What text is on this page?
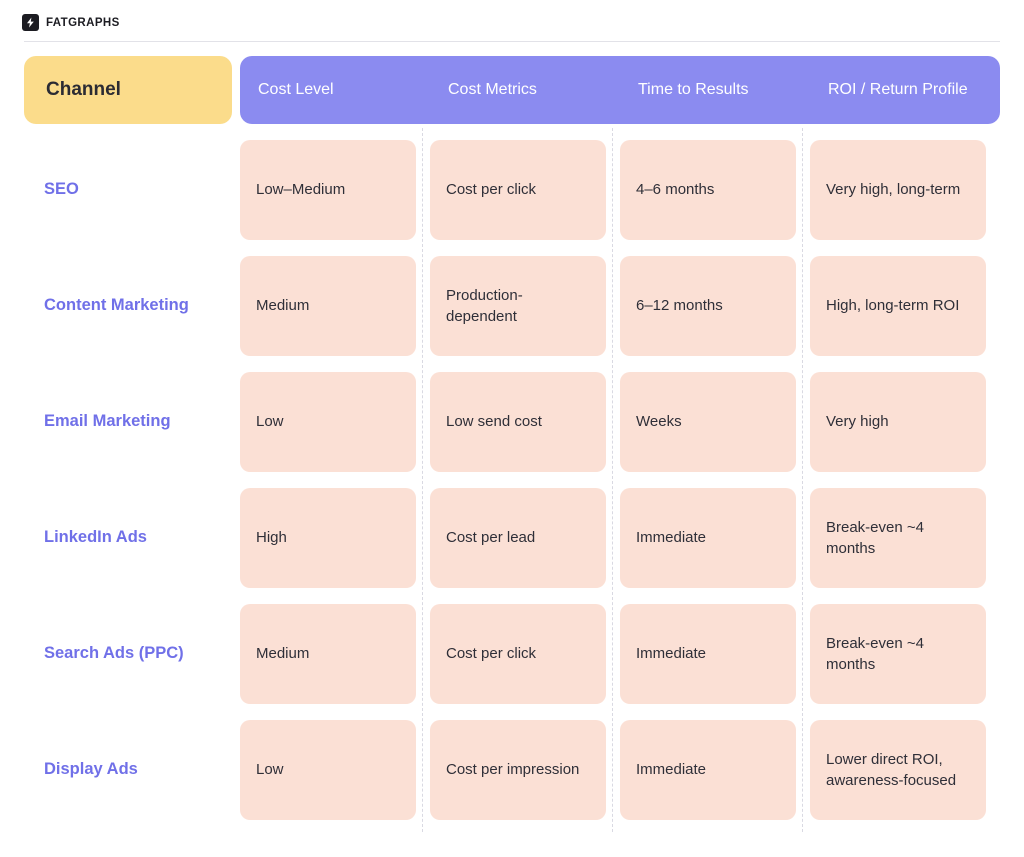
FATGRAPHS
Channel	Cost Level	Cost Metrics	Time to Results	ROI / Return Profile

SEO	Low–Medium	Cost per click	4–6 months	Very high, long-term

Content Marketing	Medium	Production-dependent	6–12 months	High, long-term ROI

Email Marketing	Low	Low send cost	Weeks	Very high

LinkedIn Ads	High	Cost per lead	Immediate	Break-even ~4 months

Search Ads (PPC)	Medium	Cost per click	Immediate	Break-even ~4 months

Display Ads	Low	Cost per impression	Immediate	Lower direct ROI, awareness-focused
